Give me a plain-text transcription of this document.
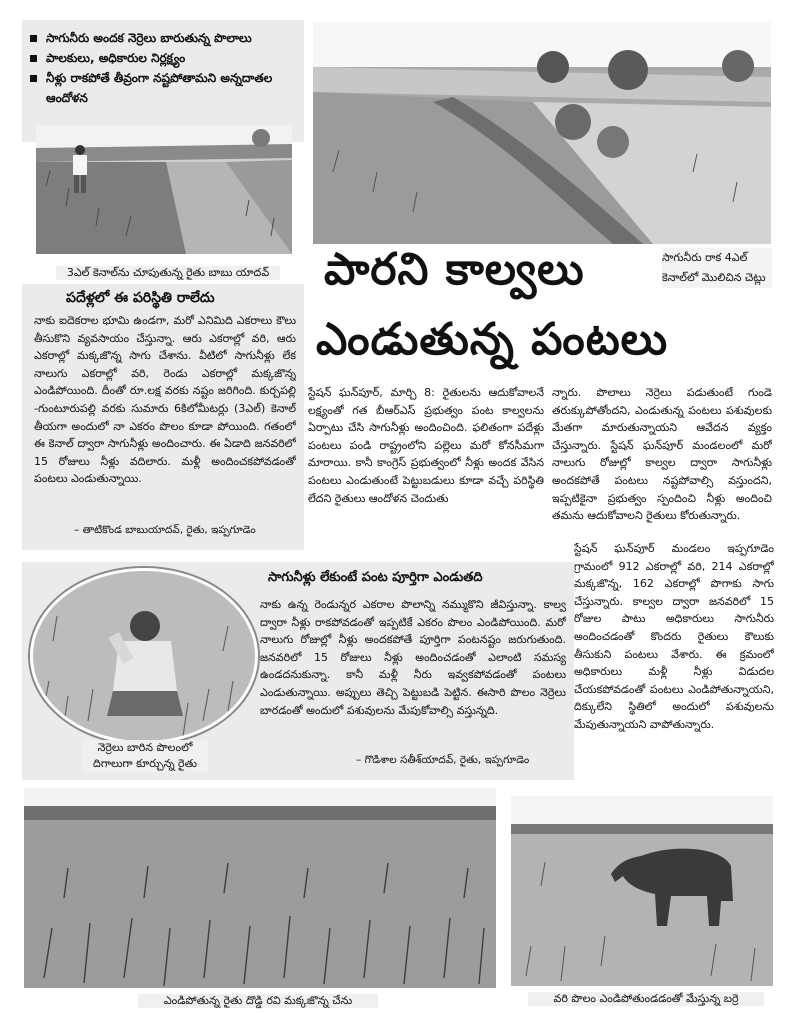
సాగునీరు అందక నెర్రెలు బారుతున్న పొలాలు
పాలకులు, అధికారుల నిర్లక్ష్యం
నీళ్లు రాకపోతే తీవ్రంగా నష్టపోతామని అన్నదాతల ఆందోళన
3ఎల్ కెనాల్‌ను చూపుతున్న రైతు బాబు యాదవ్
సాగునీరు రాక 4ఎల్ కెనాల్‌లో మొలిచిన చెట్లు
పారని కాల్వలు
ఎండుతున్న పంటలు
పదేళ్లలో ఈ పరిస్థితి రాలేదు
నాకు ఐదెకరాల భూమి ఉండగా, మరో ఎనిమిది ఎకరాలు కౌలు తీసుకొని వ్యవసాయం చేస్తున్నా. ఆరు ఎకరాల్లో వరి, ఆరు ఎకరాల్లో మక్కజొన్న సాగు చేశాను. వీటిలో సాగునీళ్లు లేక నాలుగు ఎకరాల్లో వరి, రెండు ఎకరాల్లో మక్కజొన్న ఎండిపోయింది. దీంతో రూ.లక్ష వరకు నష్టం జరిగింది. కుర్చపల్లి -గుంటూరుపల్లి వరకు సుమారు 6కిలోమీటర్లు (3ఎల్) కెనాల్ తీయగా అందులో నా ఎకరం పొలం కూడా పోయింది. గతంలో ఈ కెనాల్ ద్వారా సాగునీళ్లు అందించారు. ఈ ఏడాది జనవరిలో 15 రోజులు నీళ్లు వదిలారు. మళ్లీ అందించకపోవడంతో పంటలు ఎండుతున్నాయి.
– తాటికొండ బాబుయాదవ్, రైతు, ఇప్పగూడెం
స్టేషన్ ఘన్‌పూర్, మార్చి 8: రైతులను ఆదుకోవాలనే లక్ష్యంతో గత బీఆర్ఎస్ ప్రభుత్వం పంట కాల్వలను ఏర్పాటు చేసి సాగునీళ్లు అందించింది. ఫలితంగా పదేళ్లు పంటలు పండి రాష్ట్రంలోని పల్లెలు మరో కోనసీమగా మారాయి. కానీ కాంగ్రెస్ ప్రభుత్వంలో నీళ్లు అందక వేసిన పంటలు ఎండుతుంటే పెట్టుబడులు కూడా వచ్చే పరిస్థితి లేదని రైతులు ఆందోళన చెందుతు
న్నారు. పొలాలు నెర్రెలు పడుతుంటే గుండె తరుక్కుపోతోందని, ఎండుతున్న పంటలు పశువులకు మేతగా మారుతున్నాయని ఆవేదన వ్యక్తం చేస్తున్నారు. స్టేషన్ ఘన్‌పూర్ మండలంలో మరో నాలుగు రోజుల్లో కాల్వల ద్వారా సాగునీళ్లు అందకపోతే పంటలు నష్టపోవాల్సి వస్తుందని, ఇప్పటికైనా ప్రభుత్వం స్పందించి నీళ్లు అందించి తమను ఆదుకోవాలని రైతులు కోరుతున్నారు.
స్టేషన్ ఘన్‌పూర్ మండలం ఇప్పగూడెం గ్రామంలో 912 ఎకరాల్లో వరి, 214 ఎకరాల్లో మక్కజొన్న, 162 ఎకరాల్లో పొగాకు సాగు చేస్తున్నారు. కాల్వల ద్వారా జనవరిలో 15 రోజుల పాటు అధికారులు సాగునీరు అందించడంతో కొందరు రైతులు కౌలుకు తీసుకుని పంటలు వేశారు. ఈ క్రమంలో అధికారులు మళ్లీ నీళ్లు విడుదల చేయకపోవడంతో పంటలు ఎండిపోతున్నాయని, దిక్కులేని స్థితిలో అందులో పశువులను మేపుతున్నాయని వాపోతున్నారు.
సాగునీళ్లు లేకుంటే పంట పూర్తిగా ఎండుతది
నాకు ఉన్న రెండున్నర ఎకరాల పొలాన్ని నమ్ముకొని జీవిస్తున్నా. కాల్వ ద్వారా నీళ్లు రాకపోవడంతో ఇప్పటికే ఎకరం పొలం ఎండిపోయింది. మరో నాలుగు రోజుల్లో నీళ్లు అందకపోతే పూర్తిగా పంటనష్టం జరుగుతుంది. జనవరిలో 15 రోజులు నీళ్లు అందించడంతో ఎలాంటి సమస్య ఉండదనుకున్నా. కానీ మళ్లీ నీరు ఇవ్వకపోవడంతో పంటలు ఎండుతున్నాయి. అప్పులు తెచ్చి పెట్టుబడి పెట్టిన. ఈసారి పొలం నెర్రెలు బారడంతో అందులో పశువులను మేపుకోవాల్సి వస్తున్నది.
– గొడిశాల సతీశ్‌యాదవ్, రైతు, ఇప్పగూడెం
నెర్రెలు బారిన పొలంలో దిగాలుగా కూర్చున్న రైతు
ఎండిపోతున్న రైతు దొడ్డి రవి మక్కజొన్న చేను	వరి పొలం ఎండిపోతుండడంతో మేస్తున్న బర్రె
